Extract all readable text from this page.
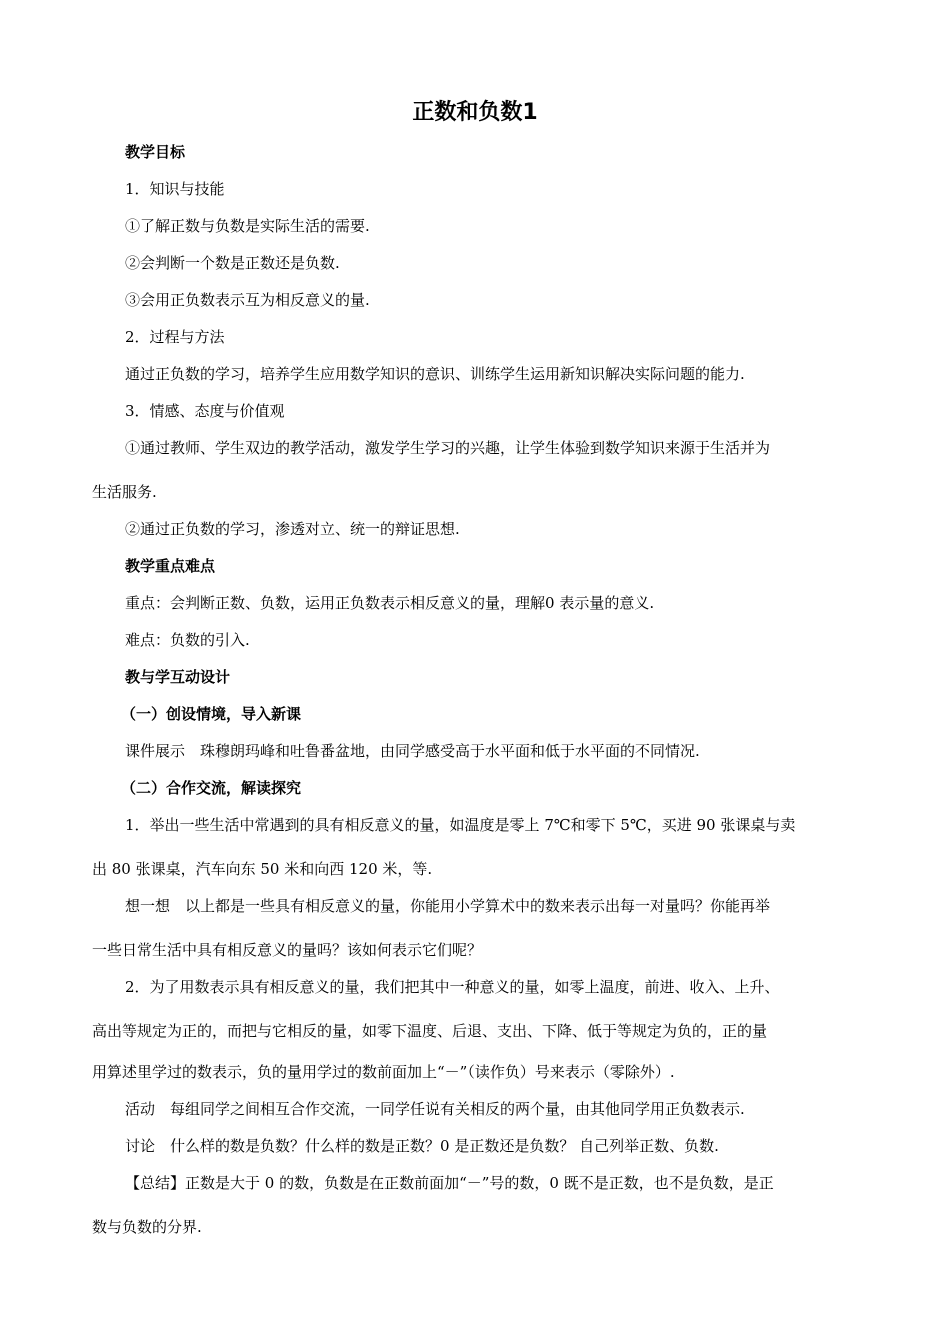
正数和负数1
教学目标
1．知识与技能
①了解正数与负数是实际生活的需要.
②会判断一个数是正数还是负数.
③会用正负数表示互为相反意义的量.
2．过程与方法
通过正负数的学习，培养学生应用数学知识的意识、训练学生运用新知识解决实际问题的能力.
3．情感、态度与价值观
①通过教师、学生双边的教学活动，激发学生学习的兴趣，让学生体验到数学知识来源于生活并为
生活服务.
②通过正负数的学习，渗透对立、统一的辩证思想.
教学重点难点
重点：会判断正数、负数，运用正负数表示相反意义的量，理解0 表示量的意义.
难点：负数的引入.
教与学互动设计
（一）创设情境，导入新课
课件展示　珠穆朗玛峰和吐鲁番盆地，由同学感受高于水平面和低于水平面的不同情况.
（二）合作交流，解读探究
1．举出一些生活中常遇到的具有相反意义的量，如温度是零上 7℃和零下 5℃，买进 90 张课桌与卖
出 80 张课桌，汽车向东 50 米和向西 120 米，等.
想一想　以上都是一些具有相反意义的量，你能用小学算术中的数来表示出每一对量吗？你能再举
一些日常生活中具有相反意义的量吗？该如何表示它们呢？
2．为了用数表示具有相反意义的量，我们把其中一种意义的量，如零上温度，前进、收入、上升、
高出等规定为正的，而把与它相反的量，如零下温度、后退、支出、下降、低于等规定为负的，正的量
用算述里学过的数表示，负的量用学过的数前面加上“－”（读作负）号来表示（零除外）.
活动　每组同学之间相互合作交流，一同学任说有关相反的两个量，由其他同学用正负数表示.
讨论　什么样的数是负数？什么样的数是正数？0 是正数还是负数？ 自己列举正数、负数.
【总结】正数是大于 0 的数，负数是在正数前面加“－”号的数，0 既不是正数，也不是负数，是正
数与负数的分界.
